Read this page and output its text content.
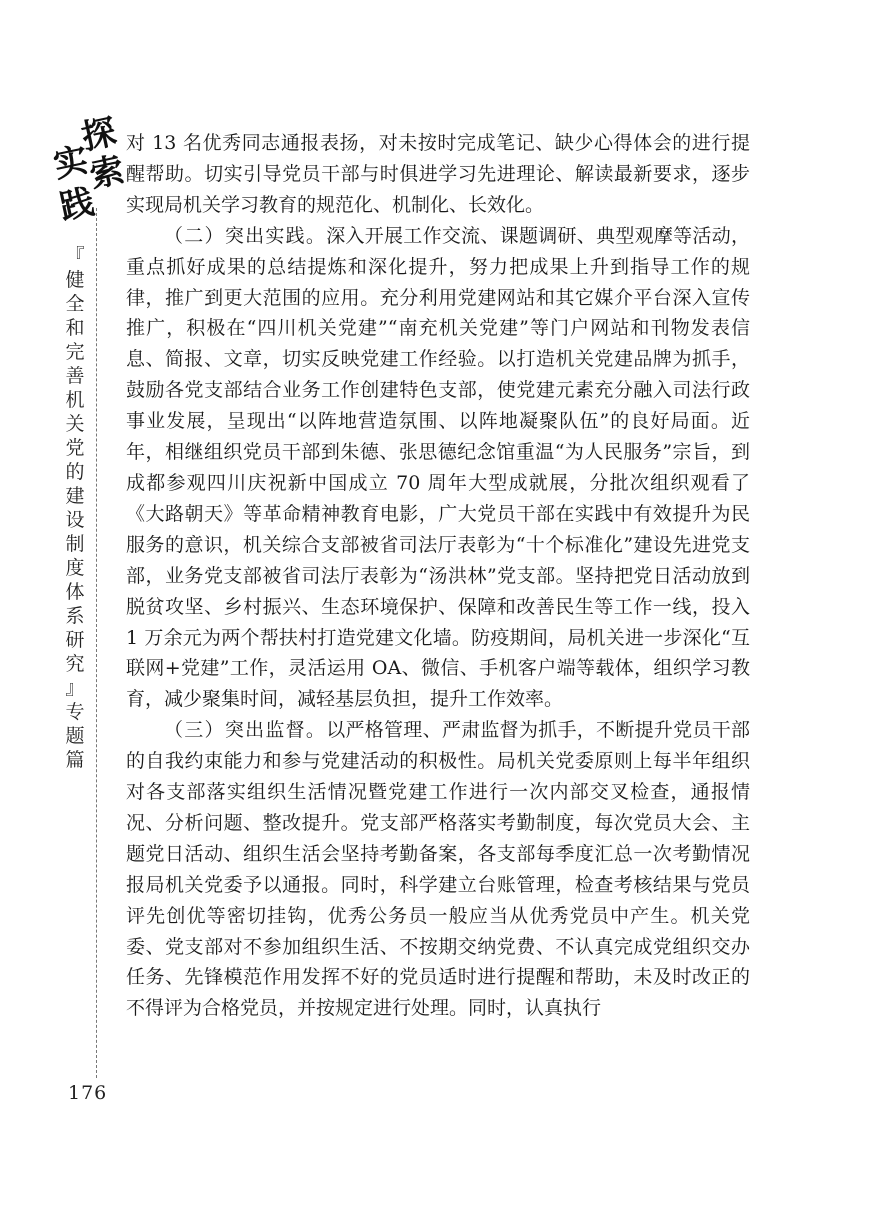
探
索
实
践
『
健
全
和
完
善
机
关
党
的
建
设
制
度
体
系
研
究
』
专
题
篇
176

对 13 名优秀同志通报表扬，对未按时完成笔记、缺少心得体会的进行提醒帮助。切实引导党员干部与时俱进学习先进理论、解读最新要求，逐步实现局机关学习教育的规范化、机制化、长效化。

（二）突出实践。深入开展工作交流、课题调研、典型观摩等活动，重点抓好成果的总结提炼和深化提升，努力把成果上升到指导工作的规律，推广到更大范围的应用。充分利用党建网站和其它媒介平台深入宣传推广，积极在“四川机关党建”“南充机关党建”等门户网站和刊物发表信息、简报、文章，切实反映党建工作经验。以打造机关党建品牌为抓手，鼓励各党支部结合业务工作创建特色支部，使党建元素充分融入司法行政事业发展，呈现出“以阵地营造氛围、以阵地凝聚队伍”的良好局面。近年，相继组织党员干部到朱德、张思德纪念馆重温“为人民服务”宗旨，到成都参观四川庆祝新中国成立 70 周年大型成就展，分批次组织观看了《大路朝天》等革命精神教育电影，广大党员干部在实践中有效提升为民服务的意识，机关综合支部被省司法厅表彰为“十个标准化”建设先进党支部，业务党支部被省司法厅表彰为“汤洪林”党支部。坚持把党日活动放到脱贫攻坚、乡村振兴、生态环境保护、保障和改善民生等工作一线，投入 1 万余元为两个帮扶村打造党建文化墙。防疫期间，局机关进一步深化“互联网+党建”工作，灵活运用 OA、微信、手机客户端等载体，组织学习教育，减少聚集时间，减轻基层负担，提升工作效率。

（三）突出监督。以严格管理、严肃监督为抓手，不断提升党员干部的自我约束能力和参与党建活动的积极性。局机关党委原则上每半年组织对各支部落实组织生活情况暨党建工作进行一次内部交叉检查，通报情况、分析问题、整改提升。党支部严格落实考勤制度，每次党员大会、主题党日活动、组织生活会坚持考勤备案，各支部每季度汇总一次考勤情况报局机关党委予以通报。同时，科学建立台账管理，检查考核结果与党员评先创优等密切挂钩，优秀公务员一般应当从优秀党员中产生。机关党委、党支部对不参加组织生活、不按期交纳党费、不认真完成党组织交办任务、先锋模范作用发挥不好的党员适时进行提醒和帮助，未及时改正的不得评为合格党员，并按规定进行处理。同时，认真执行
